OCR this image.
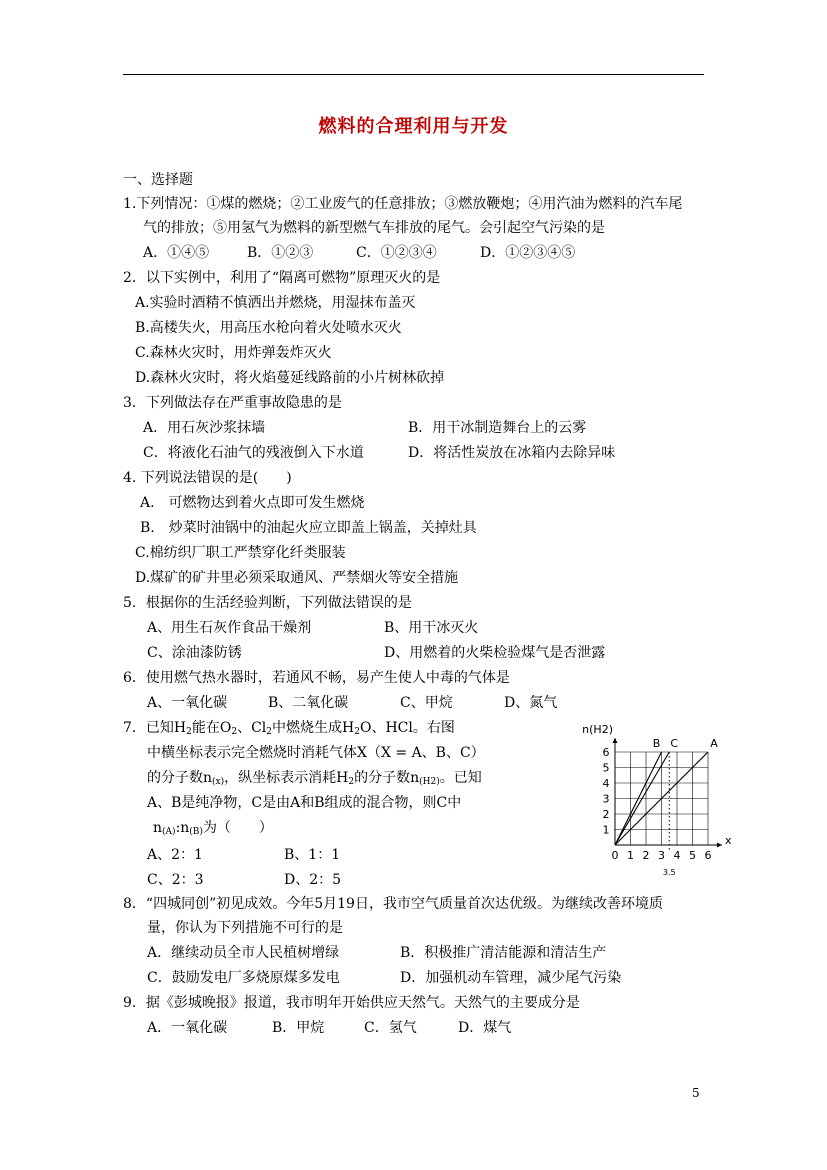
燃料的合理利用与开发
一、选择题
1.下列情况：①煤的燃烧；②工业废气的任意排放；③燃放鞭炮；④用汽油为燃料的汽车尾
气的排放；⑤用氢气为燃料的新型燃气车排放的尾气。会引起空气污染的是
A．①④⑤	B．①②③	C．①②③④	D．①②③④⑤
2．以下实例中，利用了“隔离可燃物”原理灭火的是
A.实验时酒精不慎洒出并燃烧，用湿抹布盖灭
B.高楼失火，用高压水枪向着火处喷水灭火
C.森林火灾时，用炸弹轰炸灭火
D.森林火灾时，将火焰蔓延线路前的小片树林砍掉
3．下列做法存在严重事故隐患的是
A．用石灰沙浆抹墙	B．用干冰制造舞台上的云雾
C．将液化石油气的残液倒入下水道	D．将活性炭放在冰箱内去除异味
4. 下列说法错误的是(　　)
A.　可燃物达到着火点即可发生燃烧
B.　炒菜时油锅中的油起火应立即盖上锅盖，关掉灶具
C.棉纺织厂职工严禁穿化纤类服装
D.煤矿的矿井里必须采取通风、严禁烟火等安全措施
5．根据你的生活经验判断，下列做法错误的是
A、用生石灰作食品干燥剂	B、用干冰灭火
C、涂油漆防锈	D、用燃着的火柴检验煤气是否泄露
6．使用燃气热水器时，若通风不畅，易产生使人中毒的气体是
A、一氧化碳	B、二氧化碳	C、甲烷	D、氮气
7．已知$H_2$能在$O_2$、$Cl_2$中燃烧生成$H_2O$、HCl。右图
中横坐标表示完全燃烧时消耗气体X（X = A、B、C）
的分子数$n_{(x)}$，纵坐标表示消耗$H_2$的分子数$n_{(H2)}$。已知
A、B是纯净物，C是由A和B组成的混合物，则C中
$n_{(A)}:n_{(B)}$为（　　）
A、2：1	B、1：1
C、2：3	D、2：5	3.5
0 1 2 3 4 5 6
1
2
3
4
5
6
A
B C
n(H2)
x
8．“四城同创”初见成效。今年5月19日，我市空气质量首次达优级。为继续改善环境质
量，你认为下列措施不可行的是
A．继续动员全市人民植树增绿	B．积极推广清洁能源和清洁生产
C．鼓励发电厂多烧原煤多发电	D．加强机动车管理，减少尾气污染
9．据《彭城晚报》报道，我市明年开始供应天然气。天然气的主要成分是
A．一氧化碳	B．甲烷	C．氢气	D．煤气
5
